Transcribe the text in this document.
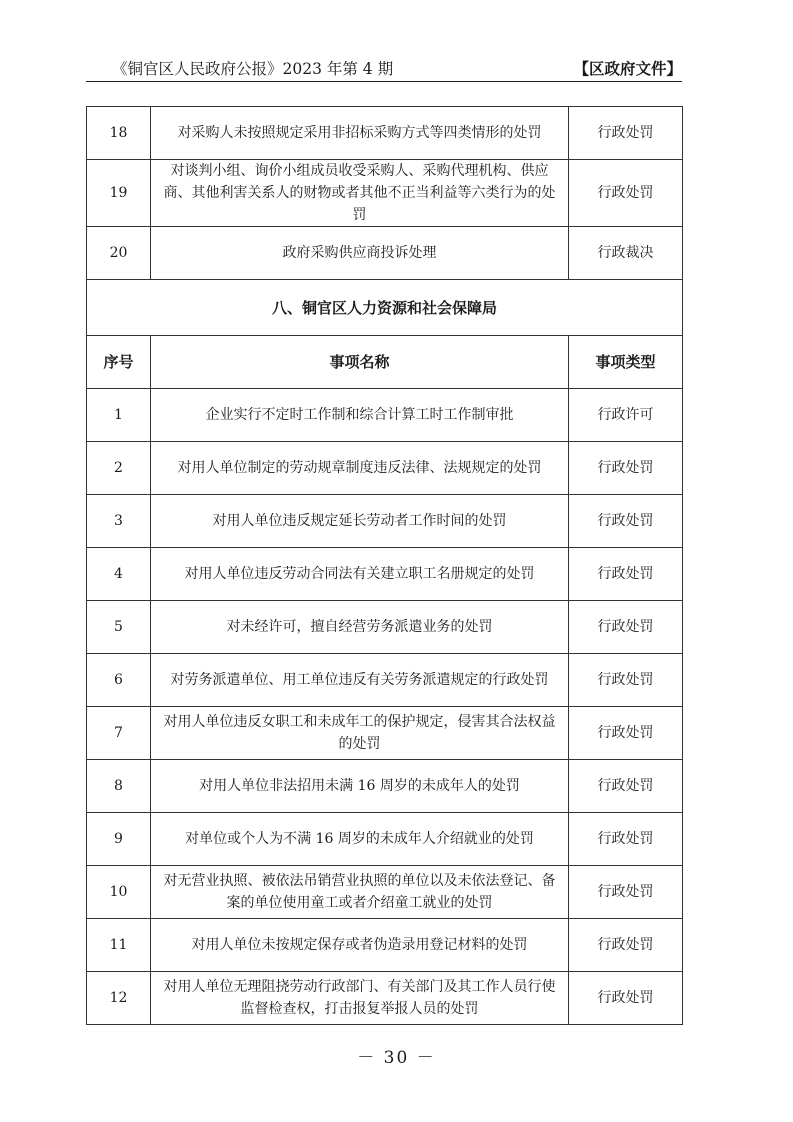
《铜官区人民政府公报》2023 年第 4 期	【区政府文件】
18	对采购人未按照规定采用非招标采购方式等四类情形的处罚	行政处罚
19	对谈判小组、询价小组成员收受采购人、采购代理机构、供应商、其他利害关系人的财物或者其他不正当利益等六类行为的处罚	行政处罚
20	政府采购供应商投诉处理	行政裁决
八、铜官区人力资源和社会保障局		
序号	事项名称	事项类型
1	企业实行不定时工作制和综合计算工时工作制审批	行政许可
2	对用人单位制定的劳动规章制度违反法律、法规规定的处罚	行政处罚
3	对用人单位违反规定延长劳动者工作时间的处罚	行政处罚
4	对用人单位违反劳动合同法有关建立职工名册规定的处罚	行政处罚
5	对未经许可，擅自经营劳务派遣业务的处罚	行政处罚
6	对劳务派遣单位、用工单位违反有关劳务派遣规定的行政处罚	行政处罚
7	对用人单位违反女职工和未成年工的保护规定，侵害其合法权益的处罚	行政处罚
8	对用人单位非法招用未满 16 周岁的未成年人的处罚	行政处罚
9	对单位或个人为不满 16 周岁的未成年人介绍就业的处罚	行政处罚
10	对无营业执照、被依法吊销营业执照的单位以及未依法登记、备案的单位使用童工或者介绍童工就业的处罚	行政处罚
11	对用人单位未按规定保存或者伪造录用登记材料的处罚	行政处罚
12	对用人单位无理阻挠劳动行政部门、有关部门及其工作人员行使监督检查权，打击报复举报人员的处罚	行政处罚
－ 30 －
